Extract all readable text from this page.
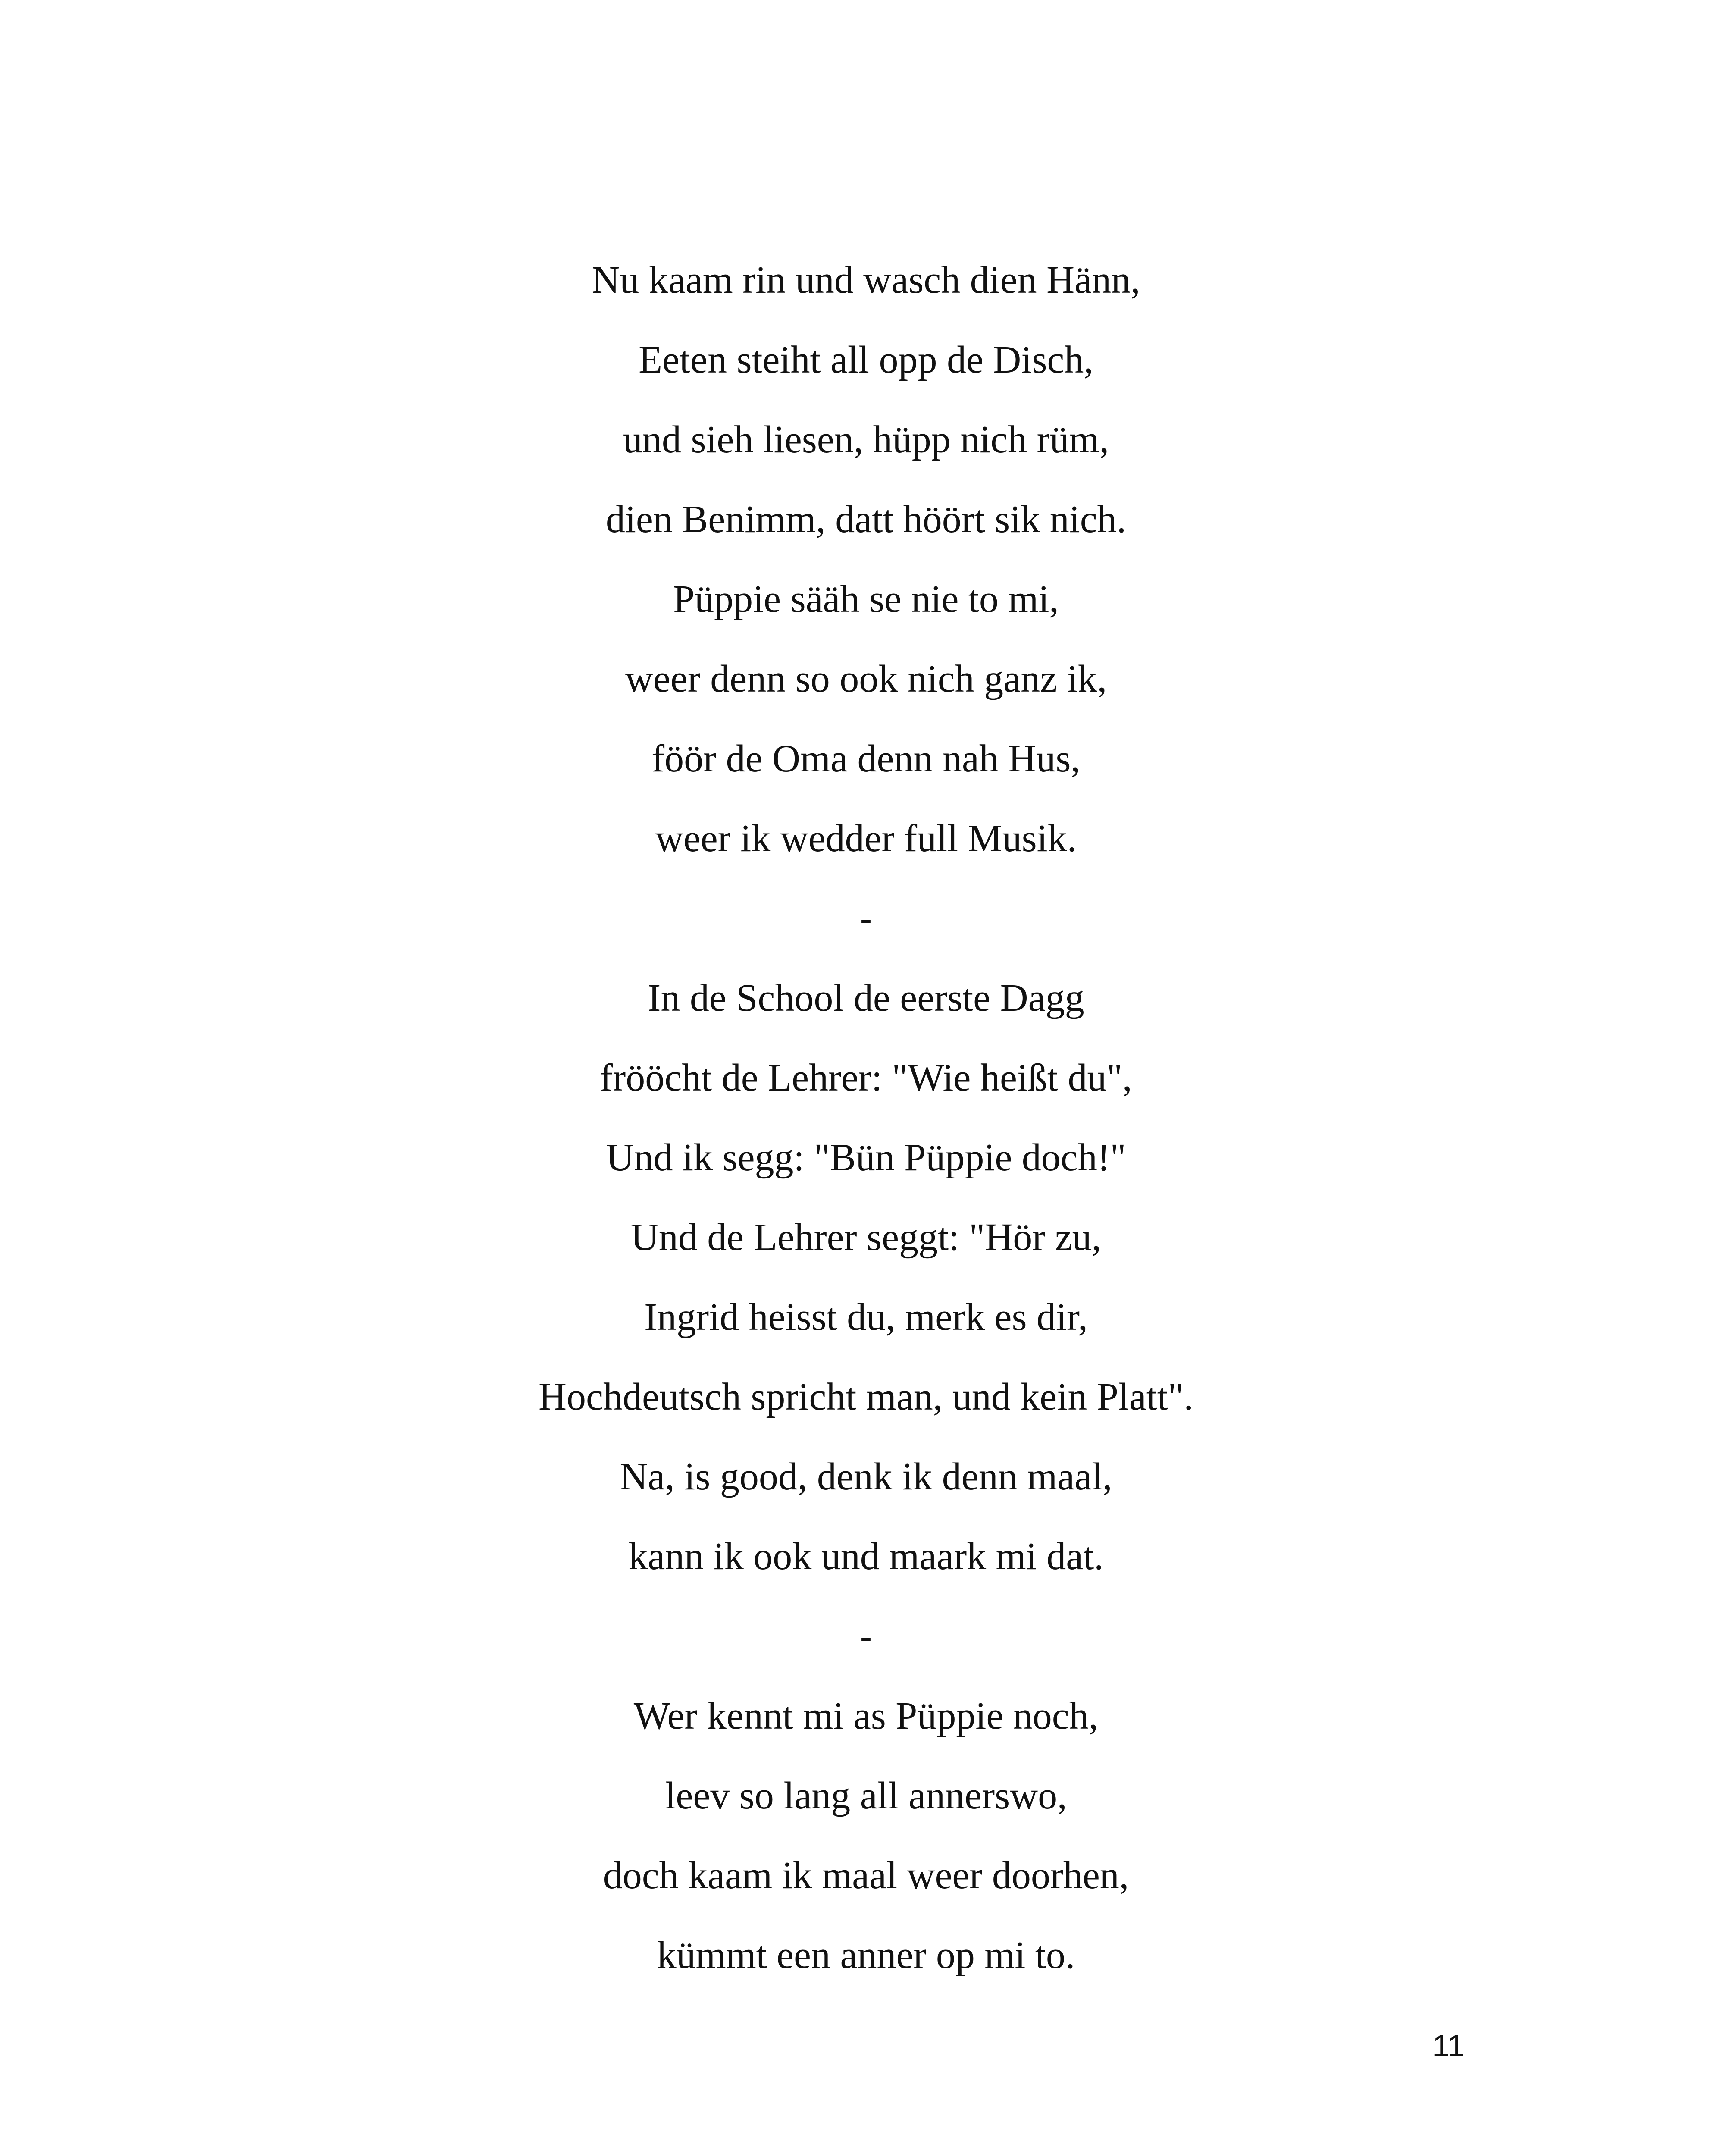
Nu kaam rin und wasch dien Hänn,
Eeten steiht all opp de Disch,
und sieh liesen, hüpp nich rüm,
dien Benimm, datt höört sik nich.
Püppie sääh se nie to mi,
weer denn so ook nich ganz ik,
föör de Oma denn nah Hus,
weer ik wedder full Musik.
-
In de School de eerste Dagg
frööcht de Lehrer: "Wie heißt du",
Und ik segg: "Bün Püppie doch!"
Und de Lehrer seggt: "Hör zu,
Ingrid heisst du, merk es dir,
Hochdeutsch spricht man, und kein Platt".
Na, is good, denk ik denn maal,
kann ik ook und maark mi dat.
-
Wer kennt mi as Püppie noch,
leev so lang all annerswo,
doch kaam ik maal weer doorhen,
kümmt een anner op mi to.
11
